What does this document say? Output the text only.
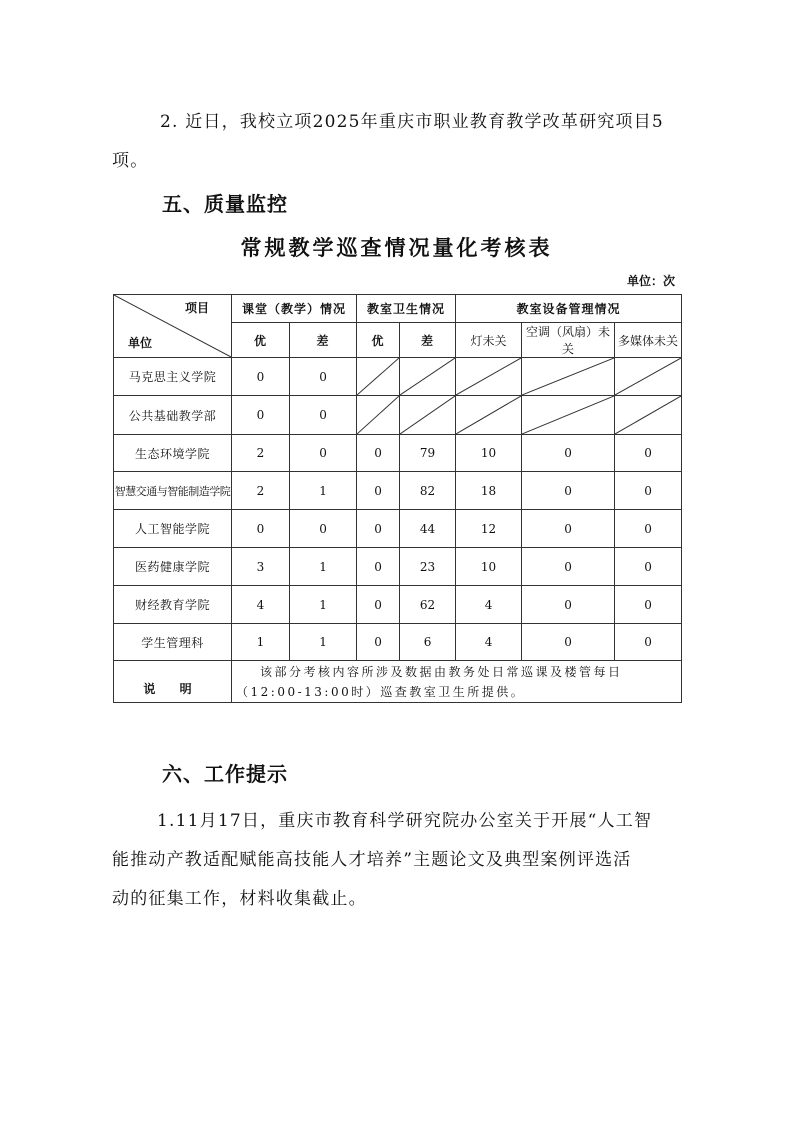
2. 近日，我校立项2025年重庆市职业教育教学改革研究项目5
项。
五、质量监控
常规教学巡查情况量化考核表
单位：次
项目
单位	课堂（教学）情况		教室卫生情况		教室设备管理情况		
	优	差	优	差	灯未关	空调（风扇）未关	多媒体未关
马克思主义学院	0	0	

公共基础教学部	0	0	

生态环境学院	2	0	0	79	10	0	0
智慧交通与智能制造学院	2	1	0	82	18	0	0
人工智能学院	0	0	0	44	12	0	0
医药健康学院	3	1	0	23	10	0	0
财经教育学院	4	1	0	62	4	0	0
学生管理科	1	1	0	6	4	0	0
说 明	该部分考核内容所涉及数据由教务处日常巡课及楼管每日（12:00-13:00时）巡查教室卫生所提供。						
六、工作提示
1.11月17日，重庆市教育科学研究院办公室关于开展“人工智
能推动产教适配赋能高技能人才培养”主题论文及典型案例评选活
动的征集工作，材料收集截止。
